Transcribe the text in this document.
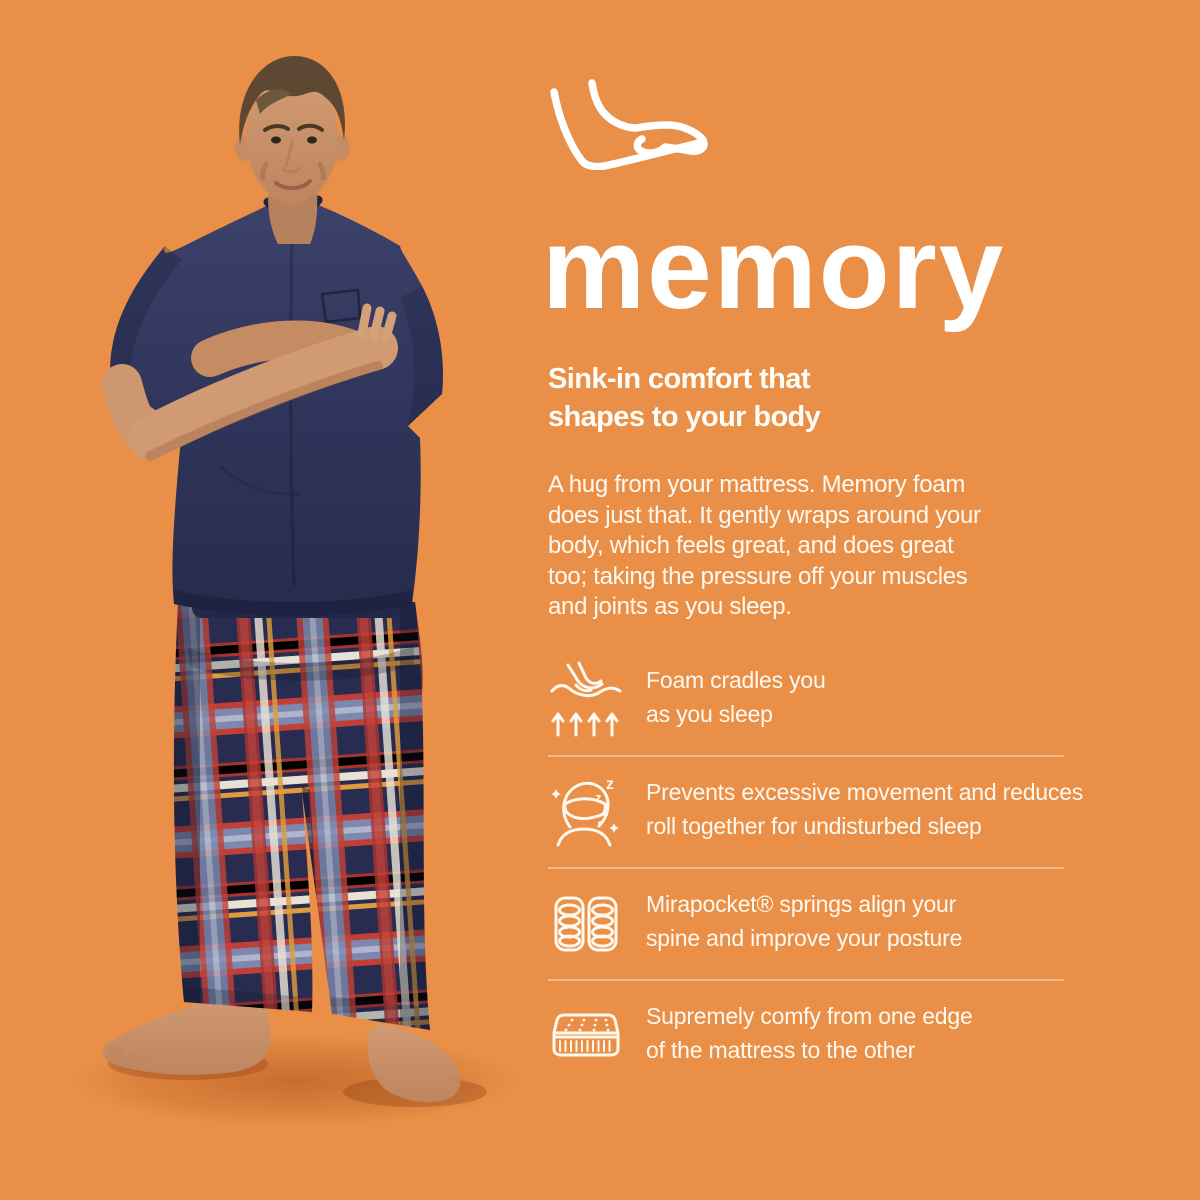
memory
Sink-in comfort that
shapes to your body
A hug from your mattress. Memory foam
does just that. It gently wraps around your
body, which feels great, and does great
too; taking the pressure off your muscles
and joints as you sleep.
Foam cradles you
as you sleep
z
z
z
Prevents excessive movement and reduces
roll together for undisturbed sleep
Mirapocket® springs align your
spine and improve your posture
Supremely comfy from one edge
of the mattress to the other
